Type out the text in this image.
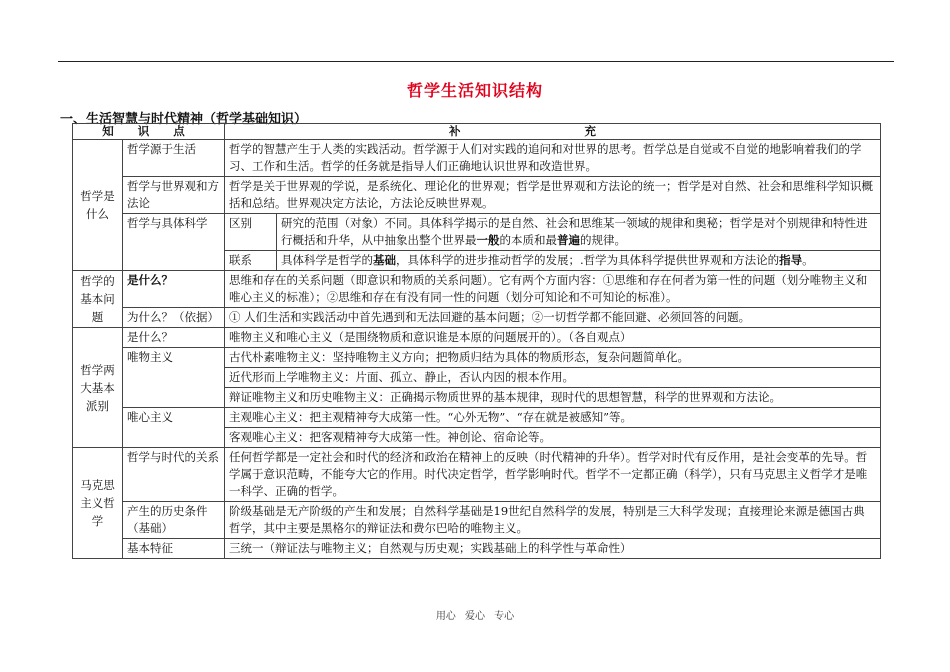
哲学生活知识结构
一、生活智慧与时代精神（哲学基础知识）
知 识 点		补 充	
哲学是什么	哲学源于生活	哲学的智慧产生于人类的实践活动。哲学源于人们对实践的追问和对世界的思考。哲学总是自觉或不自觉的地影响着我们的学习、工作和生活。哲学的任务就是指导人们正确地认识世界和改造世界。	
	哲学与世界观和方法论	哲学是关于世界观的学说，是系统化、理论化的世界观；哲学是世界观和方法论的统一；哲学是对自然、社会和思维科学知识概括和总结。世界观决定方法论，方法论反映世界观。	
	哲学与具体科学	区别	研究的范围（对象）不同。具体科学揭示的是自然、社会和思维某一领域的规律和奥秘；哲学是对个别规律和特性进行概括和升华，从中抽象出整个世界最一般的本质和最普遍的规律。
		联系	具体科学是哲学的基础，具体科学的进步推动哲学的发展；.哲学为具体科学提供世界观和方法论的指导。
哲学的基本问题	是什么？	思维和存在的关系问题（即意识和物质的关系问题）。它有两个方面内容：①思维和存在何者为第一性的问题（划分唯物主义和唯心主义的标准）；②思维和存在有没有同一性的问题（划分可知论和不可知论的标准）。	
	为什么？（依据）	① 人们生活和实践活动中首先遇到和无法回避的基本问题；②一切哲学都不能回避、必须回答的问题。	
哲学两大基本派别	是什么？	唯物主义和唯心主义（是围绕物质和意识谁是本原的问题展开的）。（各自观点）	
	唯物主义	古代朴素唯物主义：坚持唯物主义方向；把物质归结为具体的物质形态，复杂问题简单化。	
		近代形而上学唯物主义：片面、孤立、静止，否认内因的根本作用。	
		辩证唯物主义和历史唯物主义：正确揭示物质世界的基本规律，现时代的思想智慧，科学的世界观和方法论。	
	唯心主义	主观唯心主义：把主观精神夸大成第一性。“心外无物”、“存在就是被感知”等。	
		客观唯心主义：把客观精神夸大成第一性。神创论、宿命论等。	
马克思主义哲学	哲学与时代的关系	任何哲学都是一定社会和时代的经济和政治在精神上的反映（时代精神的升华）。哲学对时代有反作用，是社会变革的先导。哲学属于意识范畴，不能夸大它的作用。时代决定哲学，哲学影响时代。哲学不一定都正确（科学），只有马克思主义哲学才是唯一科学、正确的哲学。	
	产生的历史条件（基础）	阶级基础是无产阶级的产生和发展；自然科学基础是19世纪自然科学的发展，特别是三大科学发现；直接理论来源是德国古典哲学，其中主要是黑格尔的辩证法和费尔巴哈的唯物主义。	
	基本特征	三统一（辩证法与唯物主义；自然观与历史观；实践基础上的科学性与革命性）	
用心 爱心 专心
